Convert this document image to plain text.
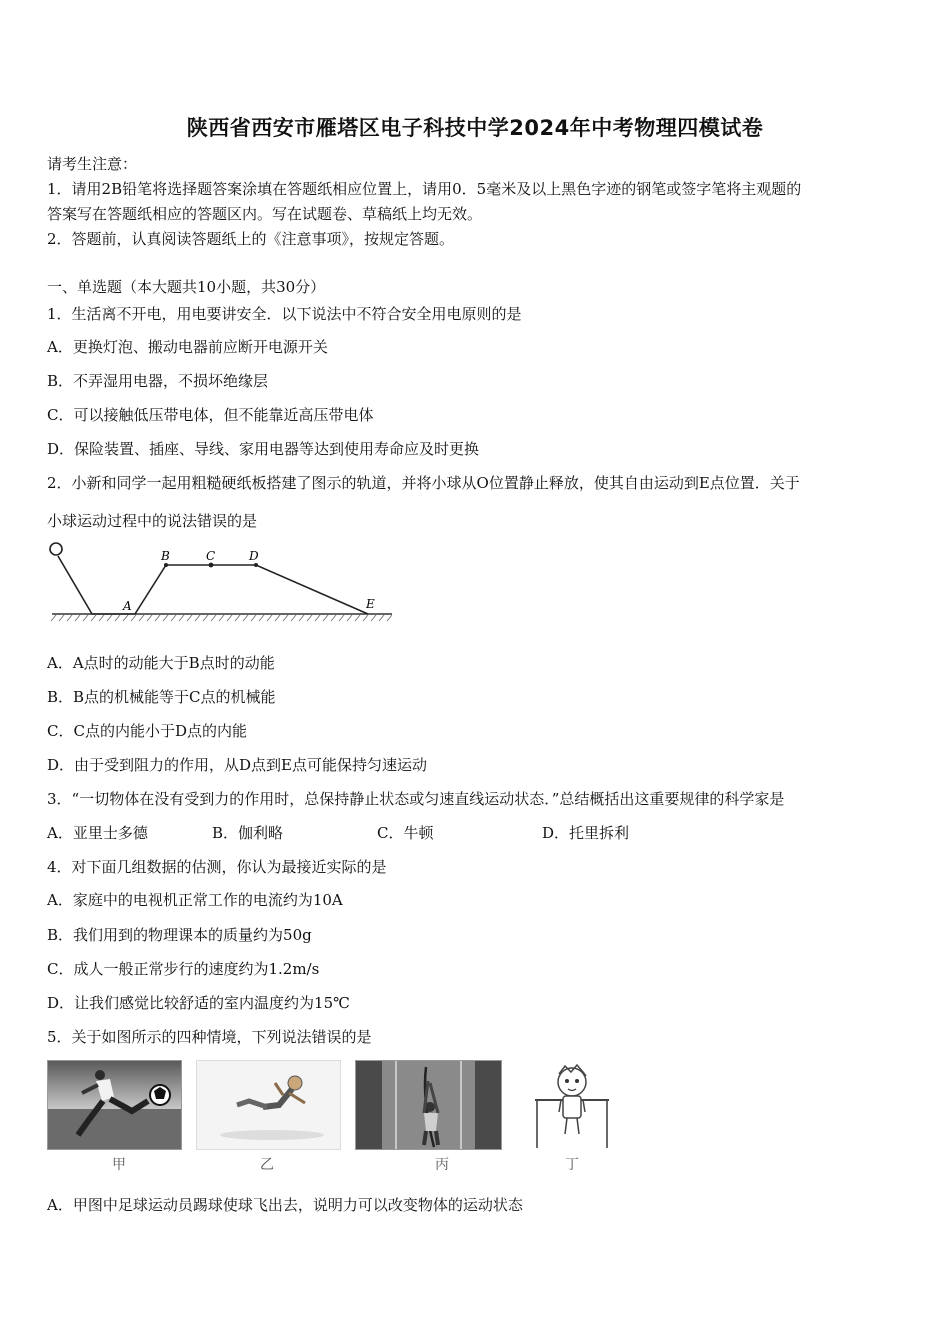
陕西省西安市雁塔区电子科技中学2024年中考物理四模试卷
请考生注意：
1．请用2B铅笔将选择题答案涂填在答题纸相应位置上，请用0．5毫米及以上黑色字迹的钢笔或签字笔将主观题的
答案写在答题纸相应的答题区内。写在试题卷、草稿纸上均无效。
2．答题前，认真阅读答题纸上的《注意事项》，按规定答题。
一、单选题（本大题共10小题，共30分）
1．生活离不开电，用电要讲安全．以下说法中不符合安全用电原则的是
A．更换灯泡、搬动电器前应断开电源开关
B．不弄湿用电器，不损坏绝缘层
C．可以接触低压带电体，但不能靠近高压带电体
D．保险装置、插座、导线、家用电器等达到使用寿命应及时更换
2．小新和同学一起用粗糙硬纸板搭建了图示的轨道，并将小球从O位置静止释放，使其自由运动到E点位置．关于
小球运动过程中的说法错误的是
A
B	C	D
E
A．A点时的动能大于B点时的动能
B．B点的机械能等于C点的机械能
C．C点的内能小于D点的内能
D．由于受到阻力的作用，从D点到E点可能保持匀速运动
3．“一切物体在没有受到力的作用时，总保持静止状态或匀速直线运动状态．”总结概括出这重要规律的科学家是
A．亚里士多德	B．伽利略	C．牛顿	D．托里拆利
4．对下面几组数据的估测，你认为最接近实际的是
A．家庭中的电视机正常工作的电流约为10A
B．我们用到的物理课本的质量约为50g
C．成人一般正常步行的速度约为1.2m/s
D．让我们感觉比较舒适的室内温度约为15℃
5．关于如图所示的四种情境，下列说法错误的是
甲	乙	丙	丁
A．甲图中足球运动员踢球使球飞出去，说明力可以改变物体的运动状态
